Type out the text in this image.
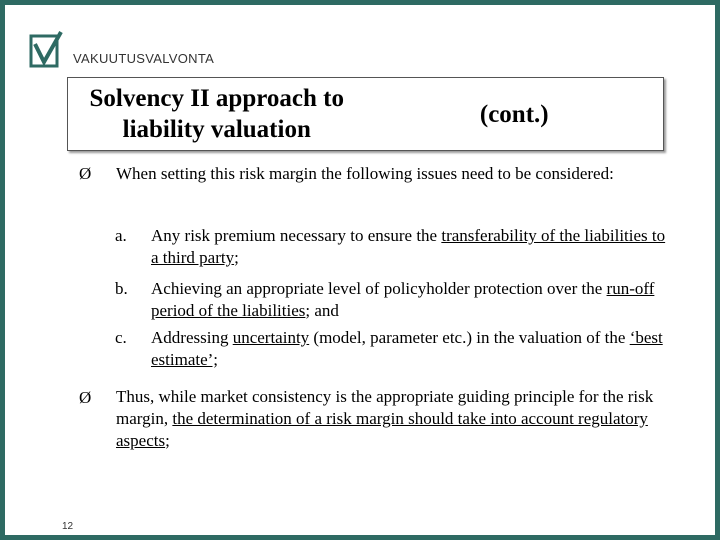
VAKUUTUSVALVONTA
Solvency II approach to liability valuation
(cont.)
Ø When setting this risk margin the following issues need to be considered:
a. Any risk premium necessary to ensure the transferability of the liabilities to a third party;
b. Achieving an appropriate level of policyholder protection over the run-off period of the liabilities; and
c. Addressing uncertainty (model, parameter etc.) in the valuation of the ‘best estimate’;
Ø Thus, while market consistency is the appropriate guiding principle for the risk margin, the determination of a risk margin should take into account regulatory aspects;
12
